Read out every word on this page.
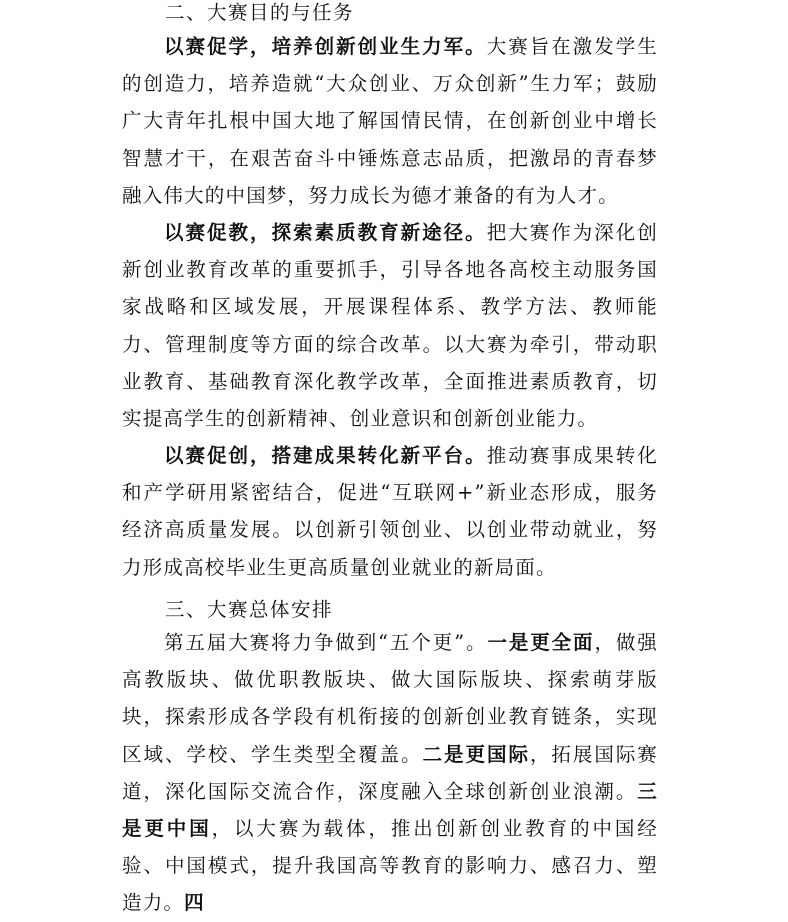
二、大赛目的与任务

以赛促学，培养创新创业生力军。大赛旨在激发学生的创造力，培养造就“大众创业、万众创新”生力军；鼓励广大青年扎根中国大地了解国情民情，在创新创业中增长智慧才干，在艰苦奋斗中锤炼意志品质，把激昂的青春梦融入伟大的中国梦，努力成长为德才兼备的有为人才。

以赛促教，探索素质教育新途径。把大赛作为深化创新创业教育改革的重要抓手，引导各地各高校主动服务国家战略和区域发展，开展课程体系、教学方法、教师能力、管理制度等方面的综合改革。以大赛为牵引，带动职业教育、基础教育深化教学改革，全面推进素质教育，切实提高学生的创新精神、创业意识和创新创业能力。

以赛促创，搭建成果转化新平台。推动赛事成果转化和产学研用紧密结合，促进“互联网+”新业态形成，服务经济高质量发展。以创新引领创业、以创业带动就业，努力形成高校毕业生更高质量创业就业的新局面。

三、大赛总体安排

第五届大赛将力争做到“五个更”。一是更全面，做强高教版块、做优职教版块、做大国际版块、探索萌芽版块，探索形成各学段有机衔接的创新创业教育链条，实现区域、学校、学生类型全覆盖。二是更国际，拓展国际赛道，深化国际交流合作，深度融入全球创新创业浪潮。三是更中国，以大赛为载体，推出创新创业教育的中国经验、中国模式，提升我国高等教育的影响力、感召力、塑造力。四
